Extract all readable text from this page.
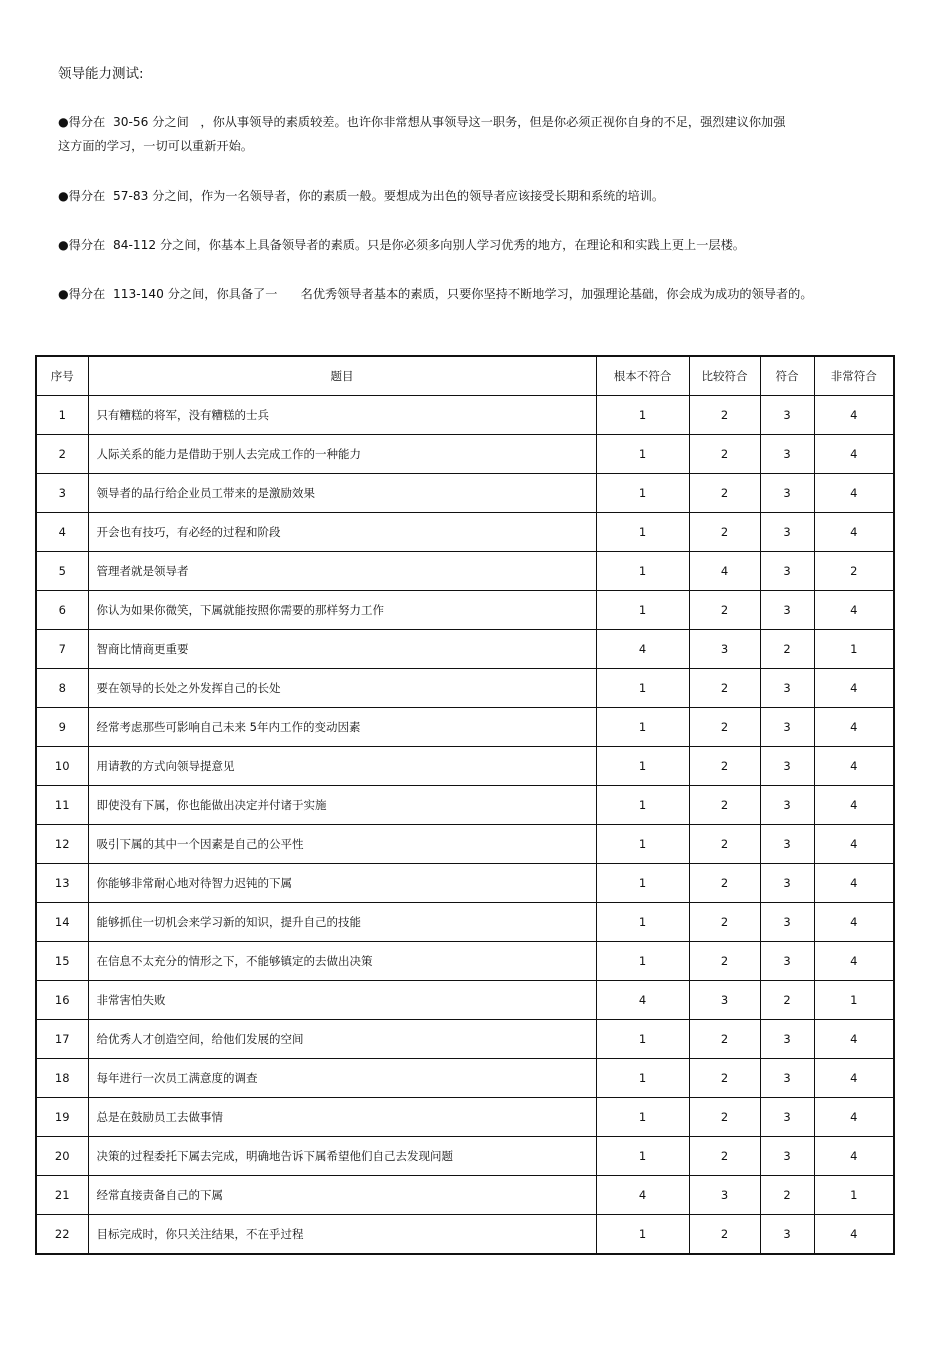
领导能力测试:
●得分在  30-56 分之间   ，你从事领导的素质较差。也许你非常想从事领导这一职务，但是你必须正视你自身的不足，强烈建议你加强
这方面的学习，一切可以重新开始。
●得分在  57-83 分之间，作为一名领导者，你的素质一般。要想成为出色的领导者应该接受长期和系统的培训。
●得分在  84-112 分之间，你基本上具备领导者的素质。只是你必须多向别人学习优秀的地方，在理论和和实践上更上一层楼。
●得分在  113-140 分之间，你具备了一      名优秀领导者基本的素质，只要你坚持不断地学习，加强理论基础，你会成为成功的领导者的。
序号	题目	根本不符合	比较符合	符合	非常符合
1	只有糟糕的将军，没有糟糕的士兵	1	2	3	4
2	人际关系的能力是借助于别人去完成工作的一种能力	1	2	3	4
3	领导者的品行给企业员工带来的是激励效果	1	2	3	4
4	开会也有技巧，有必经的过程和阶段	1	2	3	4
5	管理者就是领导者	1	4	3	2
6	你认为如果你微笑，下属就能按照你需要的那样努力工作	1	2	3	4
7	智商比情商更重要	4	3	2	1
8	要在领导的长处之外发挥自己的长处	1	2	3	4
9	经常考虑那些可影响自己未来 5年内工作的变动因素	1	2	3	4
10	用请教的方式向领导提意见	1	2	3	4
11	即使没有下属，你也能做出决定并付诸于实施	1	2	3	4
12	吸引下属的其中一个因素是自己的公平性	1	2	3	4
13	你能够非常耐心地对待智力迟钝的下属	1	2	3	4
14	能够抓住一切机会来学习新的知识，提升自己的技能	1	2	3	4
15	在信息不太充分的情形之下，不能够镇定的去做出决策	1	2	3	4
16	非常害怕失败	4	3	2	1
17	给优秀人才创造空间，给他们发展的空间	1	2	3	4
18	每年进行一次员工满意度的调查	1	2	3	4
19	总是在鼓励员工去做事情	1	2	3	4
20	决策的过程委托下属去完成，明确地告诉下属希望他们自己去发现问题	1	2	3	4
21	经常直接责备自己的下属	4	3	2	1
22	目标完成时，你只关注结果，不在乎过程	1	2	3	4
